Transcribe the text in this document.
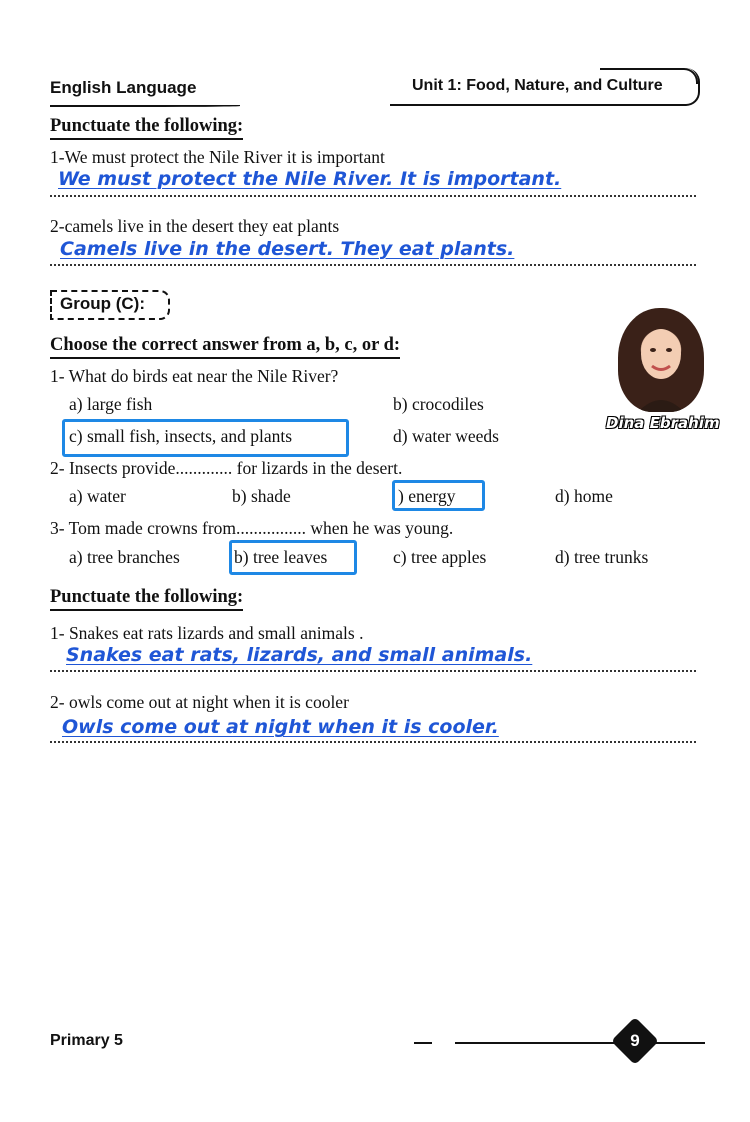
English Language	Unit 1: Food, Nature, and Culture
Punctuate the following:
1-We must protect the Nile River it is important
We must protect the Nile River. It is important.
2-camels live in the desert they eat plants
Camels live in the desert. They eat plants.
Group (C):
Choose the correct answer from a, b, c, or d:
1- What do birds eat near the Nile River?
a) large fish	b) crocodiles
c) small fish, insects, and plants	d) water weeds
2- Insects provide............. for lizards in the desert.
a) water	b) shade	) energy	d) home
3- Tom made crowns from................ when he was young.
a) tree branches	b) tree leaves	c) tree apples	d) tree trunks
Punctuate the following:
1- Snakes eat rats lizards and small animals .
Snakes eat rats, lizards, and small animals.
2- owls come out at night when it is cooler
Owls come out at night when it is cooler.
Dina Ebrahim
Primary 5	9
